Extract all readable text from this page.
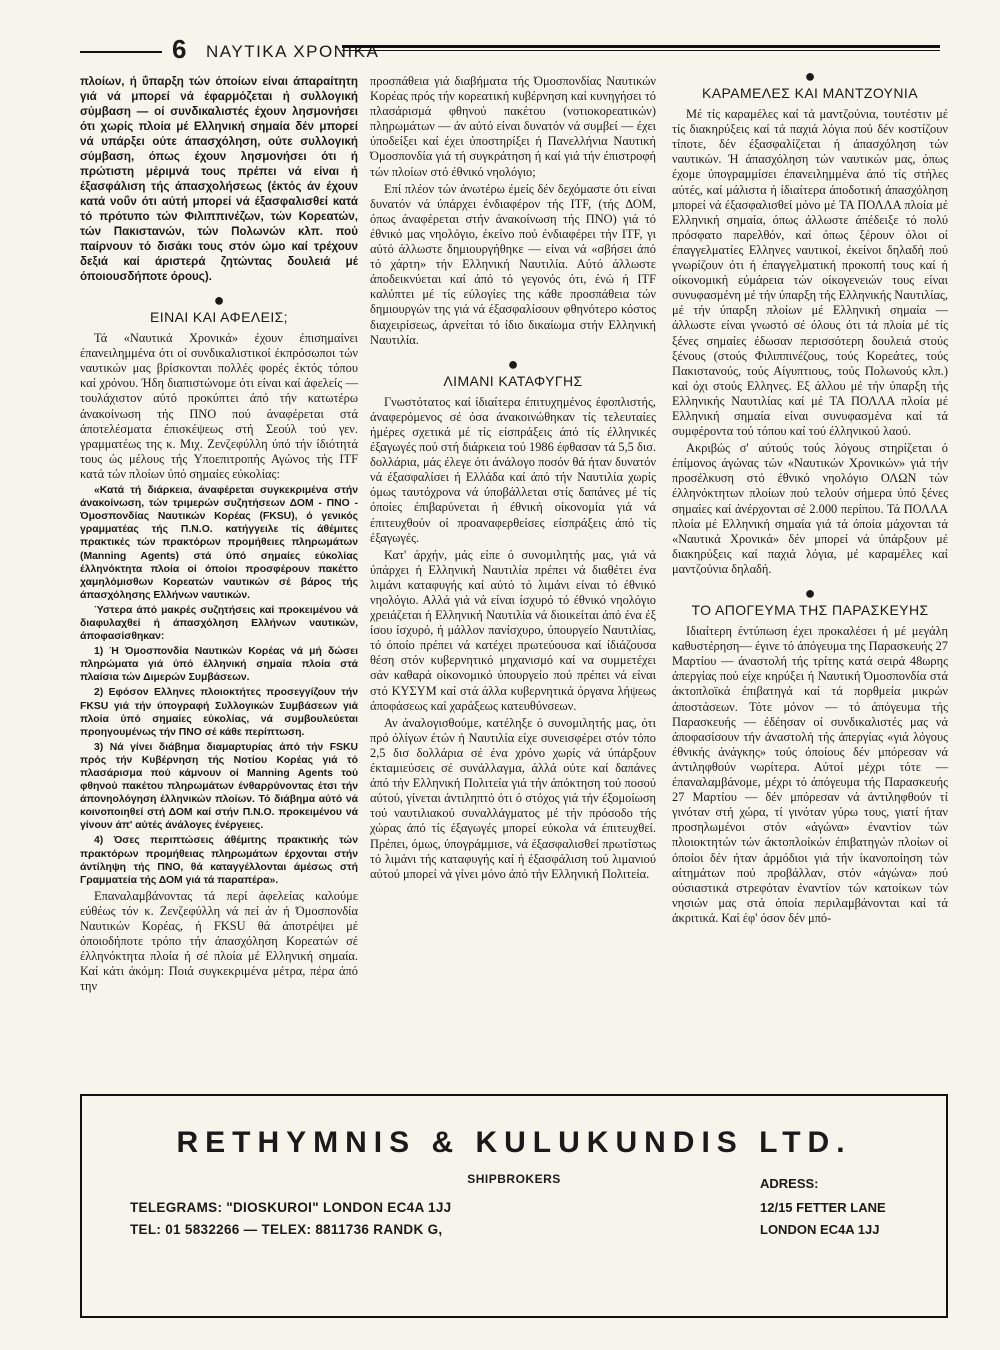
6 ΝΑΥΤΙΚΑ ΧΡΟΝΙΚΑ

πλοίων, ή ΰπαρξη τών όποίων είναι άπαραίτητη γιά νά μπορεί νά έφαρμόζεται ή συλλογική σύμβαση — οί συνδικαλιστές έχουν λησμονήσει ότι χωρίς πλοία μέ Ελληνική σημαία δέν μπορεί νά υπάρξει ούτε άπασχόληση, ούτε συλλογική σύμβαση, όπως έχουν λησμονήσει ότι ή πρώτιστη μέριμνά τους πρέπει νά είναι ή έξασφάλιση τής άπασχολήσεως (έκτός άν έχουν κατά νοΰν ότι αύτή μπορεί νά έξασφαλισθεί κατά τό πρότυπο τών Φιλιππινέζων, τών Κορεατών, τών Πακιστανών, τών Πολωνών κλπ. πού παίρνουν τό δισάκι τους στόν ώμο καί τρέχουν δεξιά καί άριστερά ζητώντας δουλειά μέ όποιουσδήποτε όρους).

●
ΕΙΝΑΙ ΚΑΙ ΑΦΕΛΕΙΣ;

Τά «Ναυτικά Χρονικά» έχουν έπισημαίνει έπανειλημμένα ότι οί συνδικαλιστικοί έκπρόσωποι τών ναυτικών μας βρίσκονται πολλές φορές έκτός τόπου καί χρόνου. Ήδη διαπιστώνομε ότι είναι καί άφελείς — τουλάχιστον αύτό προκύπτει άπό τήν κατωτέρω άνακοίνωση τής ΠΝΟ πού άναφέρεται στά άποτελέσματα έπισκέψεως στή Σεούλ τού γεν. γραμματέως της κ. Μιχ. Ζενζεφύλλη ύπό τήν ίδιότητά τους ώς μέλους τής Υποεπιτροπής Αγώνος τής ITF κατά τών πλοίων ύπό σημαίες εύκολίας:

«Κατά τή διάρκεια, άναφέρεται συγκεκριμένα στήν άνακοίνωση, τών τριμερών συζητήσεων ΔΟΜ - ΠΝΟ - Όμοσπονδίας Ναυτικών Κορέας (FKSU), ό γενικός γραμματέας τής Π.Ν.Ο. κατήγγειλε τίς άθέμιτες πρακτικές τών πρακτόρων προμήθειες πληρωμάτων (Manning Agents) στά ύπό σημαίες εύκολίας έλληνόκτητα πλοία οί όποίοι προσφέρουν πακέττο χαμηλόμισθων Κορεατών ναυτικών σέ βάρος τής άπασχόλησης Ελλήνων ναυτικών.

Ύστερα άπό μακρές συζητήσεις καί προκειμένου νά διαφυλαχθεί ή άπασχόληση Ελλήνων ναυτικών, άποφασίσθηκαν:

1) Ή Όμοσπονδία Ναυτικών Κορέας νά μή δώσει πληρώματα γιά ύπό έλληνική σημαία πλοία στά πλαίσια τών Διμερών Συμβάσεων.

2) Εφόσον Ελληνες πλοιοκτήτες προσεγγίζουν τήν FKSU γιά τήν ύπογραφή Συλλογικών Συμβάσεων γιά πλοία ύπό σημαίες εύκολίας, νά συμβουλεύεται προηγουμένως τήν ΠΝΟ σέ κάθε περίπτωση.

3) Νά γίνει διάβημα διαμαρτυρίας άπό τήν FSKU πρός τήν Κυβέρνηση τής Νοτίου Κορέας γιά τό πλασάρισμα πού κάμνουν οί Manning Agents τού φθηνού πακέτου πληρωμάτων ένθαρρύνοντας έτσι τήν άπονηολόγηση έλληνικών πλοίων. Τό διάβημα αύτό νά κοινοποιηθεί στή ΔΟΜ καί στήν Π.Ν.Ο. προκειμένου νά γίνουν άπ' αύτές άνάλογες ένέργειες.

4) Όσες περιπτώσεις άθέμιτης πρακτικής τών πρακτόρων προμήθειας πληρωμάτων έρχονται στήν άντίληψη τής ΠΝΟ, θά καταγγέλλονται άμέσως στή Γραμματεία τής ΔΟΜ γιά τά παραπέρα».

Επαναλαμβάνοντας τά περί άφελείας καλούμε εύθέως τόν κ. Ζενζεφύλλη νά πεί άν ή Όμοσπονδία Ναυτικών Κορέας, ή FKSU θά άποτρέψει μέ όποιοδήποτε τρόπο τήν άπασχόληση Κορεατών σέ έλληνόκτητα πλοία ή σέ πλοία μέ Ελληνική σημαία. Καί κάτι άκόμη: Ποιά συγκεκριμένα μέτρα, πέρα άπό την

προσπάθεια γιά διαβήματα τής Όμοσπονδίας Ναυτικών Κορέας πρός τήν κορεατική κυβέρνηση καί κυνηγήσει τό πλασάρισμά φθηνού πακέτου (νοτιοκορεατικών) πληρωμάτων — άν αύτό είναι δυνατόν νά συμβεί — έχει ύποδείξει καί έχει ύποστηρίξει ή Πανελλήνια Ναυτική Όμοσπονδία γιά τή συγκράτηση ή καί γιά τήν έπιστροφή τών πλοίων στό έθνικό νηολόγιο;

Επί πλέον τών άνωτέρω έμείς δέν δεχόμαστε ότι είναι δυνατόν νά ύπάρχει ένδιαφέρον τής ITF, (τής ΔΟΜ, όπως άναφέρεται στήν άνακοίνωση τής ΠΝΟ) γιά τό έθνικό μας νηολόγιο, έκείνο πού ένδιαφέρει τήν ITF, γι αύτό άλλωστε δημιουργήθηκε — είναι νά «σβήσει άπό τό χάρτη» τήν Ελληνική Ναυτιλία. Αύτό άλλωστε άποδεικνύεται καί άπό τό γεγονός ότι, ένώ ή ITF καλύπτει μέ τίς εύλογίες της κάθε προσπάθεια τών δημιουργών της γιά νά έξασφαλίσουν φθηνότερο κόστος διαχειρίσεως, άρνείται τό ίδιο δικαίωμα στήν Ελληνική Ναυτιλία.

●
ΛΙΜΑΝΙ ΚΑΤΑΦΥΓΗΣ

Γνωστότατος καί ίδιαίτερα έπιτυχημένος έφοπλιστής, άναφερόμενος σέ όσα άνακοινώθηκαν τίς τελευταίες ήμέρες σχετικά μέ τίς είσπράξεις άπό τίς έλληνικές έξαγωγές πού στή διάρκεια τού 1986 έφθασαν τά 5,5 δισ. δολλάρια, μάς έλεγε ότι άνάλογο ποσόν θά ήταν δυνατόν νά έξασφαλίσει ή Ελλάδα καί άπό τήν Ναυτιλία χωρίς όμως ταυτόχρονα νά ύποβάλλεται στίς δαπάνες μέ τίς όποίες έπιβαρύνεται ή έθνική οίκονομία γιά νά έπιτευχθούν οί προαναφερθείσες είσπράξεις άπό τίς έξαγωγές.

Κατ' άρχήν, μάς είπε ό συνομιλητής μας, γιά νά ύπάρχει ή Ελληνική Ναυτιλία πρέπει νά διαθέτει ένα λιμάνι καταφυγής καί αύτό τό λιμάνι είναι τό έθνικό νηολόγιο. Αλλά γιά νά είναι ίσχυρό τό έθνικό νηολόγιο χρειάζεται ή Ελληνική Ναυτιλία νά διοικείται άπό ένα έξ ίσου ίσχυρό, ή μάλλον πανίσχυρο, ύπουργείο Ναυτιλίας, τό όποίο πρέπει νά κατέχει πρωτεύουσα καί ίδιάζουσα θέση στόν κυβερνητικό μηχανισμό καί να συμμετέχει σάν καθαρά οίκονομικό ύπουργείο πού πρέπει νά είναι στό ΚΥΣΥΜ καί στά άλλα κυβερνητικά όργανα λήψεως άποφάσεως καί χαράξεως κατευθύνσεων.

Αν άναλογισθούμε, κατέληξε ό συνομιλητής μας, ότι πρό όλίγων έτών ή Ναυτιλία είχε συνεισφέρει στόν τόπο 2,5 δισ δολλάρια σέ ένα χρόνο χωρίς νά ύπάρξουν έκταμιεύσεις σέ συνάλλαγμα, άλλά ούτε καί δαπάνες άπό τήν Ελληνική Πολιτεία γιά τήν άπόκτηση τού ποσού αύτού, γίνεται άντιληπτό ότι ό στόχος γιά τήν έξομοίωση τού ναυτιλιακού συναλλάγματος μέ τήν πρόσοδο τής χώρας άπό τίς έξαγωγές μπορεί εύκολα νά έπιτευχθεί. Πρέπει, όμως, ύπογράμμισε, νά έξασφαλισθεί πρωτίστως τό λιμάνι τής καταφυγής καί ή έξασφάλιση τού λιμανιού αύτού μπορεί νά γίνει μόνο άπό τήν Ελληνική Πολιτεία.

●
ΚΑΡΑΜΕΛΕΣ ΚΑΙ ΜΑΝΤΖΟΥΝΙΑ

Μέ τίς καραμέλες καί τά μαντζούνια, τουτέστιν μέ τίς διακηρύξεις καί τά παχιά λόγια πού δέν κοστίζουν τίποτε, δέν έξασφαλίζεται ή άπασχόληση τών ναυτικών. Ή άπασχόληση τών ναυτικών μας, όπως έχομε ύπογραμμίσει έπανειλημμένα άπό τίς στήλες αύτές, καί μάλιστα ή ίδιαίτερα άποδοτική άπασχόληση μπορεί νά έξασφαλισθεί μόνο μέ ΤΑ ΠΟΛΛΑ πλοία μέ Ελληνική σημαία, όπως άλλωστε άπέδειξε τό πολύ πρόσφατο παρελθόν, καί όπως ξέρουν όλοι οί έπαγγελματίες Ελληνες ναυτικοί, έκείνοι δηλαδή πού γνωρίζουν ότι ή έπαγγελματική προκοπή τους καί ή οίκονομική εύμάρεια τών οίκογενειών τους είναι συνυφασμένη μέ τήν ύπαρξη τής Ελληνικής Ναυτιλίας, μέ τήν ύπαρξη πλοίων μέ Ελληνική σημαία — άλλωστε είναι γνωστό σέ όλους ότι τά πλοία μέ τίς ξένες σημαίες έδωσαν περισσότερη δουλειά στούς ξένους (στούς Φιλιππινέζους, τούς Κορεάτες, τούς Πακιστανούς, τούς Αίγυπτιους, τούς Πολωνούς κλπ.) καί όχι στούς Ελληνες. Εξ άλλου μέ τήν ύπαρξη τής Ελληνικής Ναυτιλίας καί μέ ΤΑ ΠΟΛΛΑ πλοία μέ Ελληνική σημαία είναι συνυφασμένα καί τά συμφέροντα τού τόπου καί τού έλληνικού λαού.

Ακριβώς σ' αύτούς τούς λόγους στηρίζεται ό έπίμονος άγώνας τών «Ναυτικών Χρονικών» γιά τήν προσέλκυση στό έθνικό νηολόγιο ΟΛΩΝ τών έλληνόκτητων πλοίων πού τελούν σήμερα ύπό ξένες σημαίες καί άνέρχονται σέ 2.000 περίπου. Τά ΠΟΛΛΑ πλοία μέ Ελληνική σημαία γιά τά όποία μάχονται τά «Ναυτικά Χρονικά» δέν μπορεί νά ύπάρξουν μέ διακηρύξεις καί παχιά λόγια, μέ καραμέλες καί μαντζούνια δηλαδή.

●
ΤΟ ΑΠΟΓΕΥΜΑ ΤΗΣ ΠΑΡΑΣΚΕΥΗΣ

Ιδιαίτερη έντύπωση έχει προκαλέσει ή μέ μεγάλη καθυστέρηση— έγινε τό άπόγευμα της Παρασκευής 27 Μαρτίου — άναστολή τής τρίτης κατά σειρά 48ωρης άπεργίας πού είχε κηρύξει ή Ναυτική Όμοσπονδία στά άκτοπλοϊκά έπιβατηγά καί τά πορθμεία μικρών άποστάσεων. Τότε μόνον — τό άπόγευμα τής Παρασκευής — έδέησαν οί συνδικαλιστές μας νά άποφασίσουν τήν άναστολή τής άπεργίας «γιά λόγους έθνικής άνάγκης» τούς όποίους δέν μπόρεσαν νά άντιληφθούν νωρίτερα. Αύτοί μέχρι τότε — έπαναλαμβάνομε, μέχρι τό άπόγευμα τής Παρασκευής 27 Μαρτίου — δέν μπόρεσαν νά άντιληφθούν τί γινόταν στή χώρα, τί γινόταν γύρω τους, γιατί ήταν προσηλωμένοι στόν «άγώνα» έναντίον τών πλοιοκτητών τών άκτοπλοίκών έπιβατηγών πλοίων οί όποίοι δέν ήταν άρμόδιοι γιά τήν ίκανοποίηση τών αίτημάτων πού προβάλλαν, στόν «άγώνα» πού ούσιαστικά στρεφόταν έναντίον τών κατοίκων τών νησιών μας στά όποία περιλαμβάνονται καί τά άκριτικά. Καί έφ' όσον δέν μπό-

RETHYMNIS & KULUKUNDIS LTD.
SHIPBROKERS
TELEGRAMS: "DIOSKUROI" LONDON EC4A 1JJ
TEL: 01 5832266 — TELEX: 8811736 RANDK G,
ADRESS:
12/15 FETTER LANE
LONDON EC4A 1JJ
